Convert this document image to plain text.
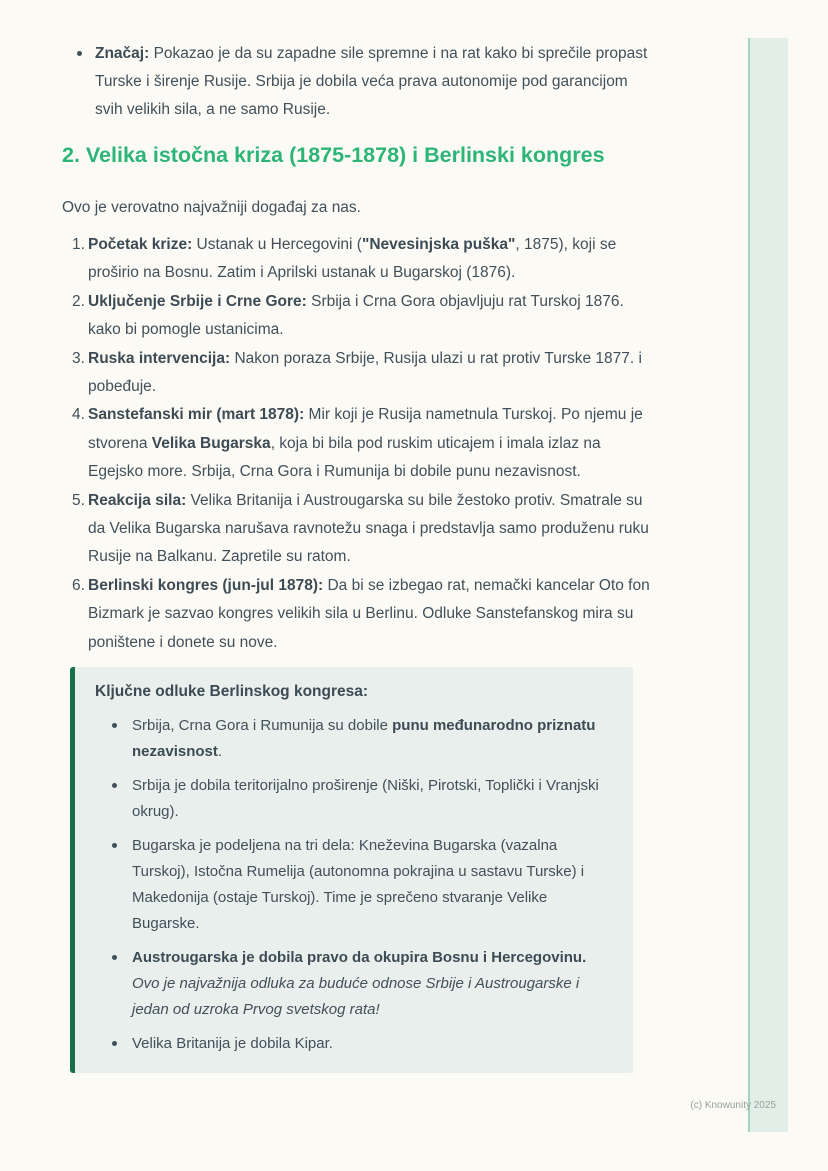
Značaj: Pokazao je da su zapadne sile spremne i na rat kako bi sprečile propast Turske i širenje Rusije. Srbija je dobila veća prava autonomije pod garancijom svih velikih sila, a ne samo Rusije.
2. Velika istočna kriza (1875-1878) i Berlinski kongres

Ovo je verovatno najvažniji događaj za nas.

1. Početak krize: Ustanak u Hercegovini ("Nevesinjska puška", 1875), koji se proširio na Bosnu. Zatim i Aprilski ustanak u Bugarskoj (1876).
2. Uključenje Srbije i Crne Gore: Srbija i Crna Gora objavljuju rat Turskoj 1876. kako bi pomogle ustanicima.
3. Ruska intervencija: Nakon poraza Srbije, Rusija ulazi u rat protiv Turske 1877. i pobeđuje.
4. Sanstefanski mir (mart 1878): Mir koji je Rusija nametnula Turskoj. Po njemu je stvorena Velika Bugarska, koja bi bila pod ruskim uticajem i imala izlaz na Egejsko more. Srbija, Crna Gora i Rumunija bi dobile punu nezavisnost.
5. Reakcija sila: Velika Britanija i Austrougarska su bile žestoko protiv. Smatrale su da Velika Bugarska narušava ravnotežu snaga i predstavlja samo produženu ruku Rusije na Balkanu. Zapretile su ratom.
6. Berlinski kongres (jun-jul 1878): Da bi se izbegao rat, nemački kancelar Oto fon Bizmark je sazvao kongres velikih sila u Berlinu. Odluke Sanstefanskog mira su poništene i donete su nove.
Ključne odluke Berlinskog kongresa:
Srbija, Crna Gora i Rumunija su dobile punu međunarodno priznatu nezavisnost.
Srbija je dobila teritorijalno proširenje (Niški, Pirotski, Toplički i Vranjski okrug).
Bugarska je podeljena na tri dela: Kneževina Bugarska (vazalna Turskoj), Istočna Rumelija (autonomna pokrajina u sastavu Turske) i Makedonija (ostaje Turskoj). Time je sprečeno stvaranje Velike Bugarske.
Austrougarska je dobila pravo da okupira Bosnu i Hercegovinu.
Ovo je najvažnija odluka za buduće odnose Srbije i Austrougarske i jedan od uzroka Prvog svetskog rata!
Velika Britanija je dobila Kipar.
(c) Knowunity 2025
